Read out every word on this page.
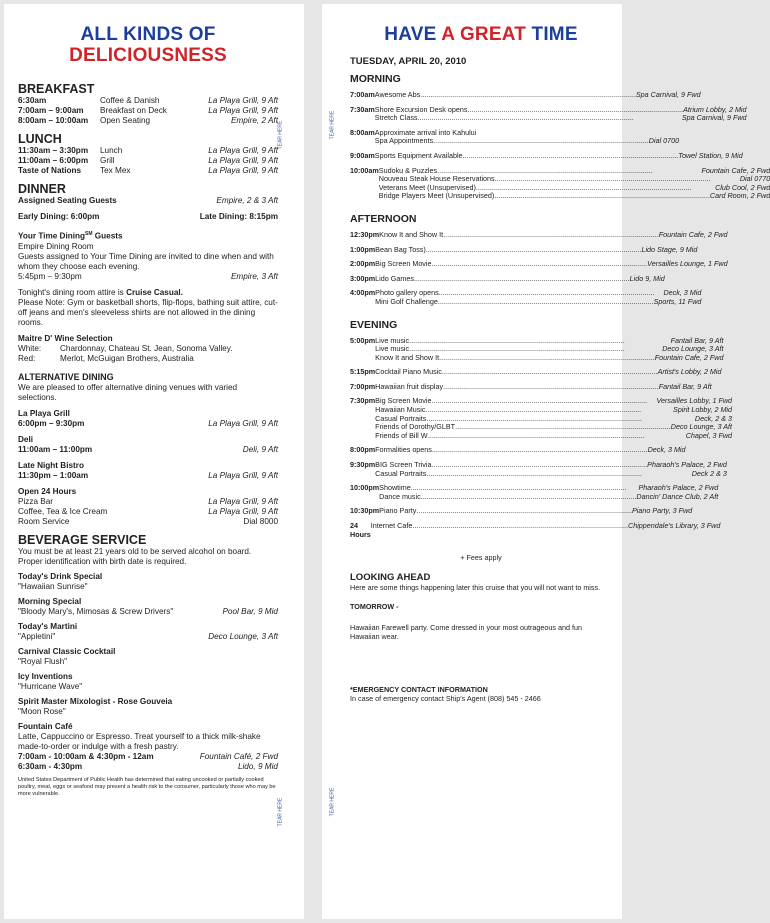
TEAR HERE
TEAR HERE
ALL KINDS OF
DELICIOUSNESS
BREAKFAST
6:30am	Coffee & Danish	La Playa Grill, 9 Aft
7:00am – 9:00am	Breakfast on Deck	La Playa Grill, 9 Aft
8:00am – 10:00am	Open Seating	Empire, 2 Aft
LUNCH
11:30am – 3:30pm	Lunch	La Playa Grill, 9 Aft
11:00am – 6:00pm	Grill	La Playa Grill, 9 Aft
Taste of Nations	Tex Mex	La Playa Grill, 9 Aft
DINNER
Assigned Seating Guests	Empire, 2 & 3 Aft
Early Dining: 6:00pm	Late Dining: 8:15pm
Your Time Dining℠ Guests
Empire Dining Room
Guests assigned to Your Time Dining are invited to dine when and with whom they choose each evening.
5:45pm – 9:30pm	Empire, 3 Aft
Tonight's dining room attire is Cruise Casual.
Please Note: Gym or basketball shorts, flip-flops, bathing suit attire, cut-off jeans and men's sleeveless shirts are not allowed in the dining rooms.
Maitre D' Wine Selection
White:	Chardonnay, Chateau St. Jean, Sonoma Valley.
Red:	Merlot, McGuigan Brothers, Australia
ALTERNATIVE DINING
We are pleased to offer alternative dining venues with varied selections.
La Playa Grill
6:00pm – 9:30pm	La Playa Grill, 9 Aft
Deli
11:00am – 11:00pm	Deli, 9 Aft
Late Night Bistro
11:30pm – 1:00am	La Playa Grill, 9 Aft
Open 24 Hours
Pizza Bar	La Playa Grill, 9 Aft
Coffee, Tea & Ice Cream	La Playa Grill, 9 Aft
Room Service	Dial 8000
BEVERAGE SERVICE
You must be at least 21 years old to be served alcohol on board. Proper identification with birth date is required.
Today's Drink Special
"Hawaiian Sunrise"
Morning Special
"Bloody Mary's, Mimosas & Screw Drivers"	Pool Bar, 9 Mid
Today's Martini
"Appletini"	Deco Lounge, 3 Aft
Carnival Classic Cocktail
"Royal Flush"
Icy Inventions
"Hurricane Wave"
Spirit Master Mixologist - Rose Gouveia
"Moon Rose"
Fountain Café
Latte, Cappuccino or Espresso. Treat yourself to a thick milk-shake made-to-order or indulge with a fresh pastry.
7:00am - 10:00am & 4:30pm - 12am	Fountain Café, 2 Fwd
6:30am - 4:30pm	Lido, 9 Mid
United States Department of Public Health has determined that eating uncooked or partially cooked poultry, meat, eggs or seafood may present a health risk to the consumer, particularly those who may be more vulnerable.
TEAR HERE
TEAR HERE
HAVE A GREAT TIME
TUESDAY, APRIL 20, 2010
MORNING
7:00am Awesome Abs .....	Spa Carnival, 9 Fwd
7:30am Shore Excursion Desk opens .....	Atrium Lobby, 2 Mid
Stretch Class .....	Spa Carnival, 9 Fwd
8:00am Approximate arrival into Kahului
Spa Appointments .....	Dial 0700
9:00am Sports Equipment Available .....	Towel Station, 9 Mid
10:00am Sudoku & Puzzles .....	Fountain Cafe, 2 Fwd
Nouveau Steak House Reservations .....	Dial 0770
Veterans Meet (Unsupervised) .....	Club Cool, 2 Fwd
Bridge Players Meet (Unsupervised) .....	Card Room, 2 Fwd
AFTERNOON
12:30pm Know It and Show It .....	Fountain Cafe, 2 Fwd
1:00pm Bean Bag Toss) .....	Lido Stage, 9 Mid
2:00pm Big Screen Movie .....	Versailles Lounge, 1 Fwd
3:00pm Lido Games .....	Lido 9, Mid
4:00pm Photo gallery opens .....	Deck, 3 Mid
Mini Golf Challenge .....	Sports, 11 Fwd
EVENING
5:00pm Live music .....	Fantail Bar, 9 Aft
Live music .....	Deco Lounge, 3 Aft
Know It and Show It .....	Fountain Cafe, 2 Fwd
5:15pm Cocktail Piano Music .....	Artist's Lobby, 2 Mid
7:00pm Hawaiian fruit display .....	Fantail Bar, 9 Aft
7:30pm Big Screen Movie .....	Versailles Lobby, 1 Fwd
Hawaiian Music .....	Spirit Lobby, 2 Mid
Casual Portraits .....	Deck, 2 & 3
Friends of Dorothy/GLBT .....	Deco Lounge, 3 Aft
Friends of Bill W. .....	Chapel, 3 Fwd
8:00pm Formalities opens .....	Deck, 3 Mid
9:30pm BIG Screen Trivia .....	Pharaoh's Palace, 2 Fwd
Casual Portraits .....	Deck 2 & 3
10:00pm Showtime .....	Pharaoh's Palace, 2 Fwd
Dance music .....	Dancin' Dance Club, 2 Aft
10:30pm Piano Party .....	Piano Party, 3 Fwd
24 Hours
Internet Cafe .....	Chippendale's Library, 3 Fwd
+ Fees apply
LOOKING AHEAD
Here are some things happening later this cruise that you will not want to miss.
TOMORROW -
Hawaiian Farewell party. Come dressed in your most outrageous and fun Hawaiian wear.
*EMERGENCY CONTACT INFORMATION
In case of emergency contact Ship's Agent (808) 545 - 2466
